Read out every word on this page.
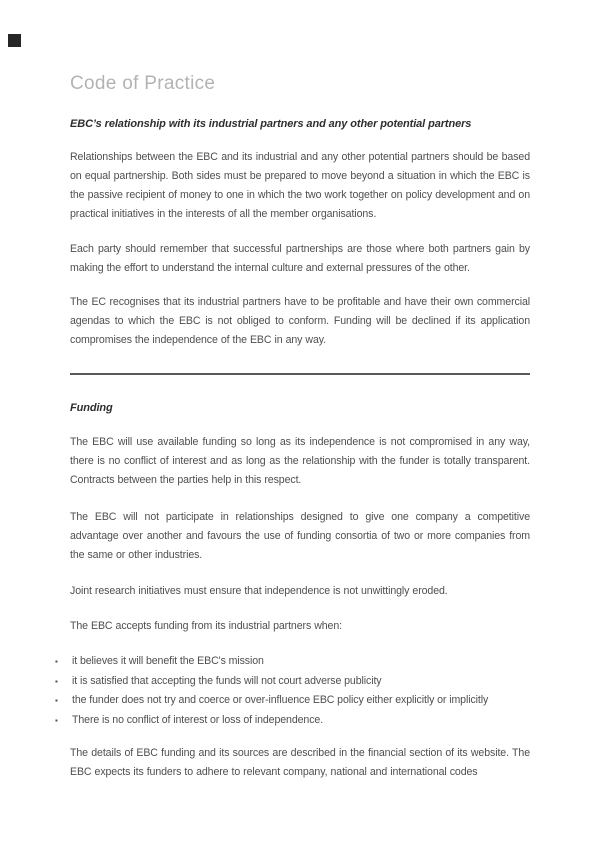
Code of Practice
EBC’s relationship with its industrial partners and any other potential partners

Relationships between the EBC and its industrial and any other potential partners should be based on equal partnership. Both sides must be prepared to move beyond a situation in which the EBC is the passive recipient of money to one in which the two work together on policy development and on practical initiatives in the interests of all the member organisations.

Each party should remember that successful partnerships are those where both partners gain by making the effort to understand the internal culture and external pressures of the other.

The EC recognises that its industrial partners have to be profitable and have their own commercial agendas to which the EBC is not obliged to conform. Funding will be declined if its application compromises the independence of the EBC in any way.

Funding

The EBC will use available funding so long as its independence is not compromised in any way, there is no conflict of interest and as long as the relationship with the funder is totally transparent. Contracts between the parties help in this respect.

The EBC will not participate in relationships designed to give one company a competitive advantage over another and favours the use of funding consortia of two or more companies from the same or other industries.

Joint research initiatives must ensure that independence is not unwittingly eroded.

The EBC accepts funding from its industrial partners when:

▪ it believes it will benefit the EBC's mission
▪ it is satisfied that accepting the funds will not court adverse publicity
▪ the funder does not try and coerce or over-influence EBC policy either explicitly or implicitly
▪ There is no conflict of interest or loss of independence.

The details of EBC funding and its sources are described in the financial section of its website. The EBC expects its funders to adhere to relevant company, national and international codes
